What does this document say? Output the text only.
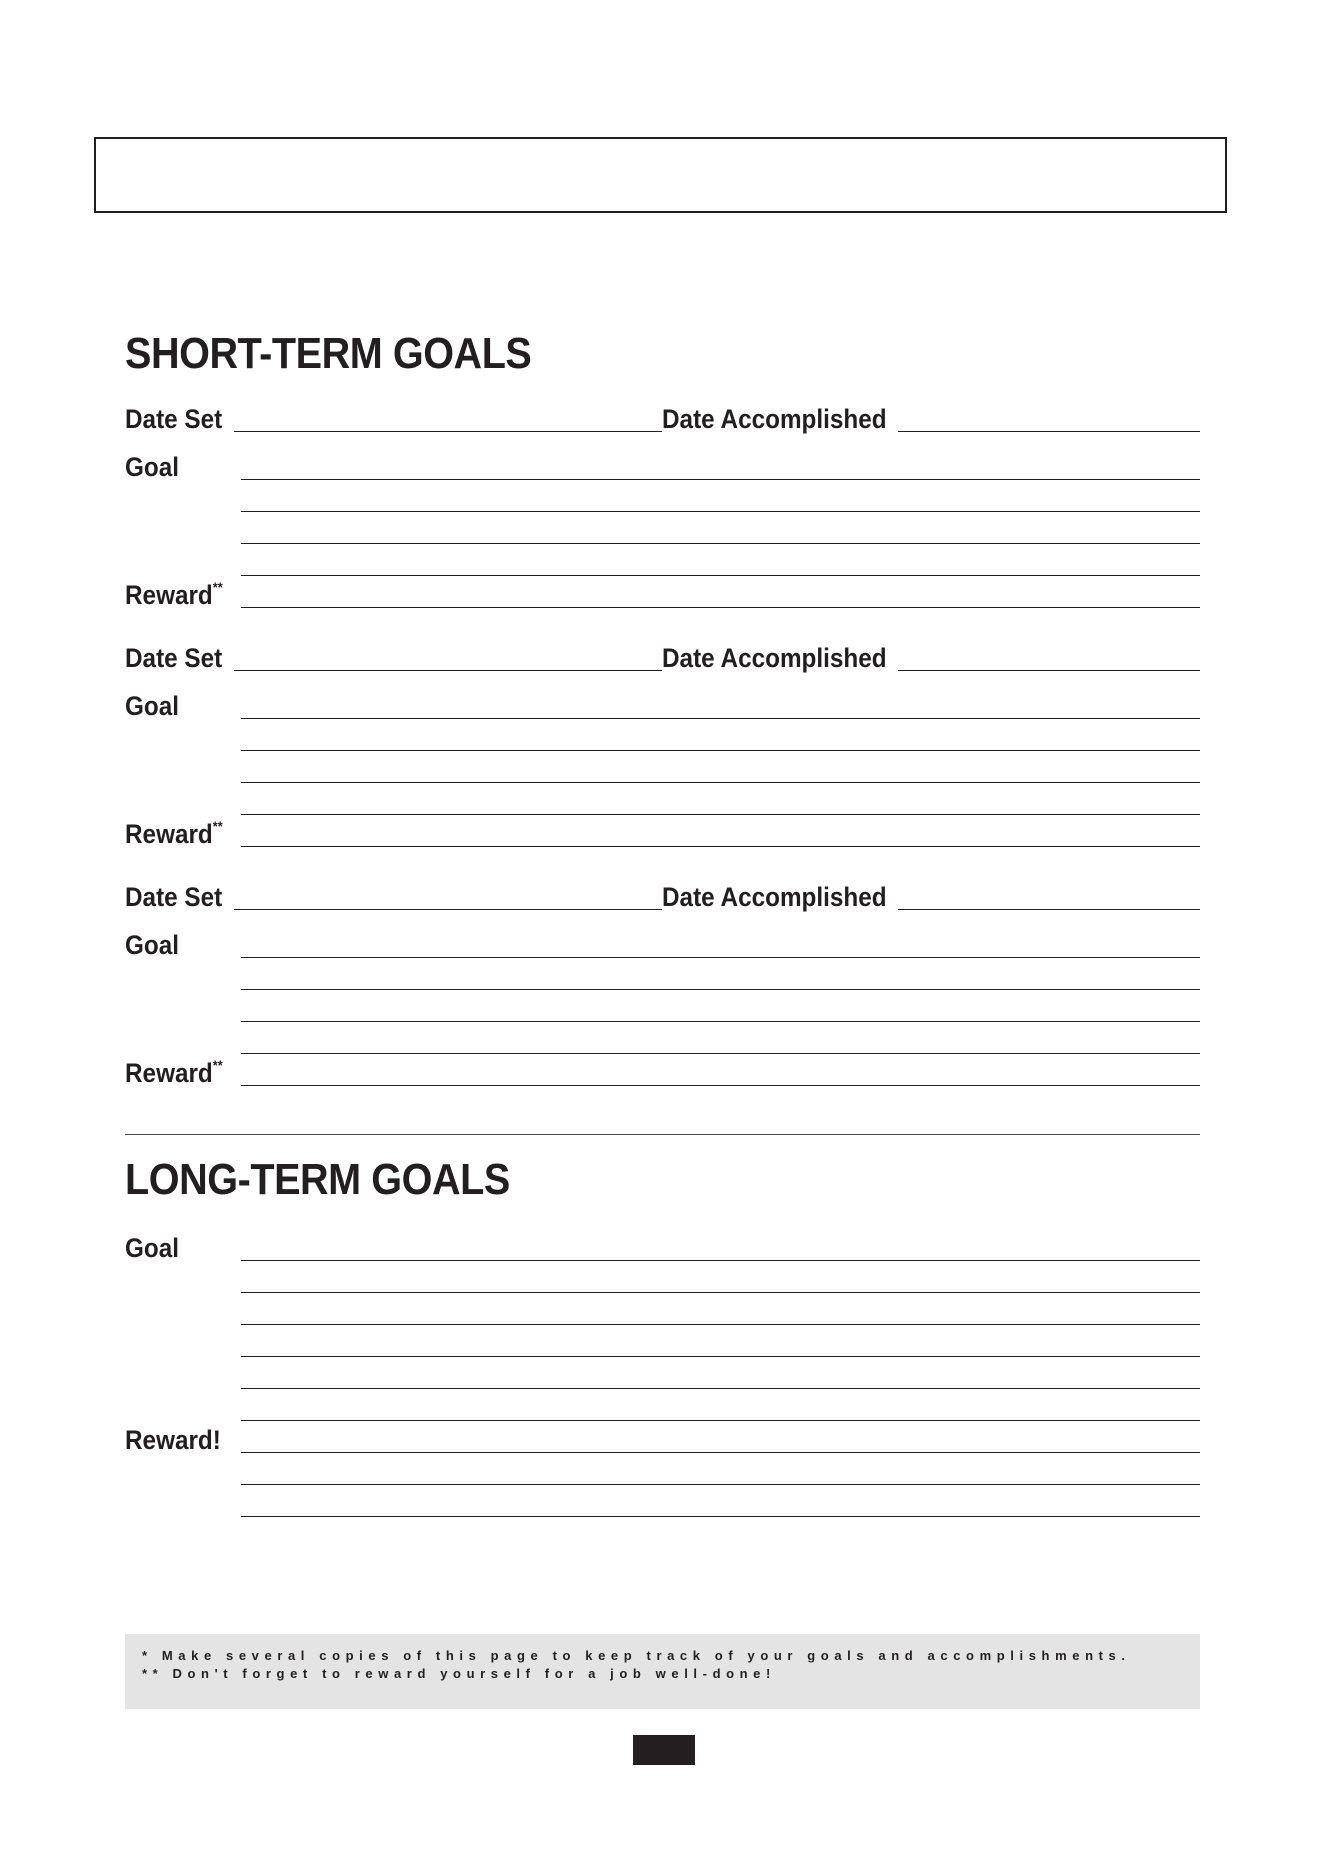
SHORT-TERM GOALS
Date Set	Date Accomplished
Goal
Reward**
Date Set	Date Accomplished
Goal
Reward**
Date Set	Date Accomplished
Goal
Reward**
LONG-TERM GOALS
Goal
Reward!

* Make several copies of this page to keep track of your goals and accomplishments.

** Don't forget to reward yourself for a job well-done!
